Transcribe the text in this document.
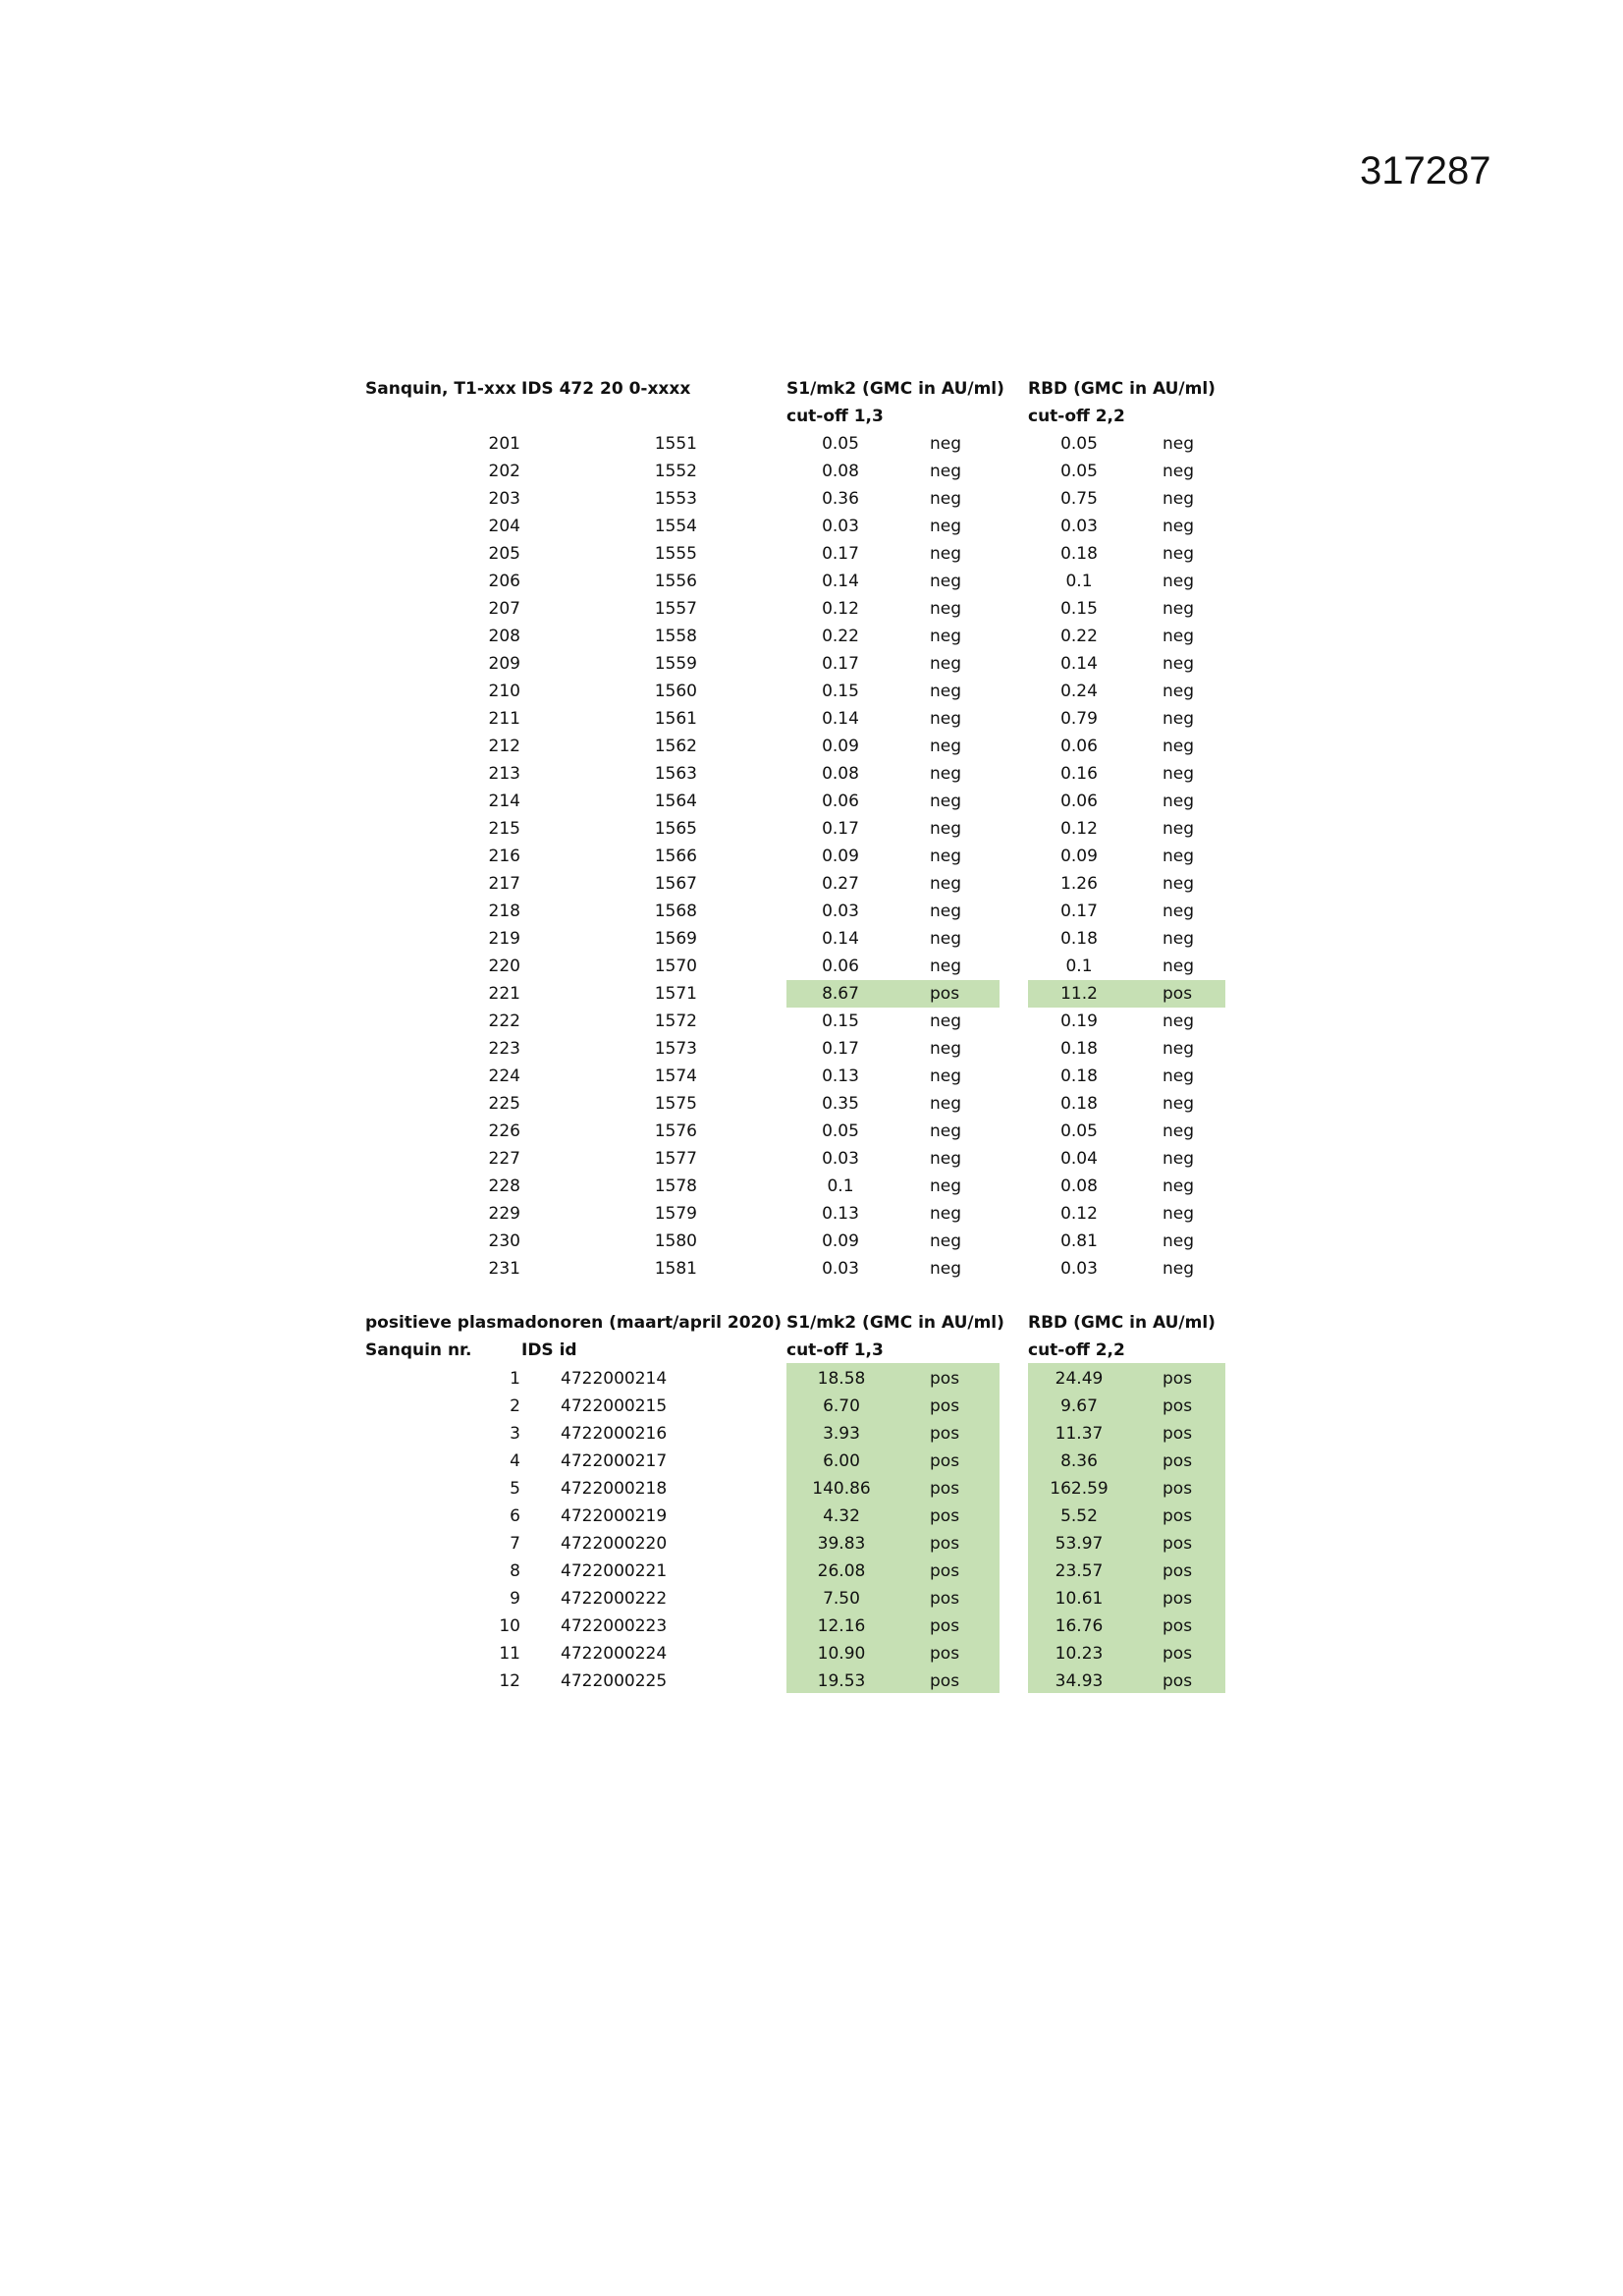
317287
Sanquin, T1-xxx IDS 472 20 0-xxxx	S1/mk2 (GMC in AU/ml)
cut-off 1,3
RBD (GMC in AU/ml)
cut-off 2,2
201	1551	0.05	neg	0.05	neg
202	1552	0.08	neg	0.05	neg
203	1553	0.36	neg	0.75	neg
204	1554	0.03	neg	0.03	neg
205	1555	0.17	neg	0.18	neg
206	1556	0.14	neg	0.1	neg
207	1557	0.12	neg	0.15	neg
208	1558	0.22	neg	0.22	neg
209	1559	0.17	neg	0.14	neg
210	1560	0.15	neg	0.24	neg
211	1561	0.14	neg	0.79	neg
212	1562	0.09	neg	0.06	neg
213	1563	0.08	neg	0.16	neg
214	1564	0.06	neg	0.06	neg
215	1565	0.17	neg	0.12	neg
216	1566	0.09	neg	0.09	neg
217	1567	0.27	neg	1.26	neg
218	1568	0.03	neg	0.17	neg
219	1569	0.14	neg	0.18	neg
220	1570	0.06	neg	0.1	neg
221	1571	8.67	pos	11.2	pos
222	1572	0.15	neg	0.19	neg
223	1573	0.17	neg	0.18	neg
224	1574	0.13	neg	0.18	neg
225	1575	0.35	neg	0.18	neg
226	1576	0.05	neg	0.05	neg
227	1577	0.03	neg	0.04	neg
228	1578	0.1	neg	0.08	neg
229	1579	0.13	neg	0.12	neg
230	1580	0.09	neg	0.81	neg
231	1581	0.03	neg	0.03	neg
positieve plasmadonoren (maart/april 2020)
Sanquin nr.	IDS id
S1/mk2 (GMC in AU/ml)
cut-off 1,3
RBD (GMC in AU/ml)
cut-off 2,2
1 4722000214	18.58	pos	24.49	pos
2 4722000215	6.70	pos	9.67	pos
3 4722000216	3.93	pos	11.37	pos
4 4722000217	6.00	pos	8.36	pos
5 4722000218	140.86	pos	162.59	pos
6 4722000219	4.32	pos	5.52	pos
7 4722000220	39.83	pos	53.97	pos
8 4722000221	26.08	pos	23.57	pos
9 4722000222	7.50	pos	10.61	pos
10 4722000223	12.16	pos	16.76	pos
11 4722000224	10.90	pos	10.23	pos
12 4722000225	19.53	pos	34.93	pos
